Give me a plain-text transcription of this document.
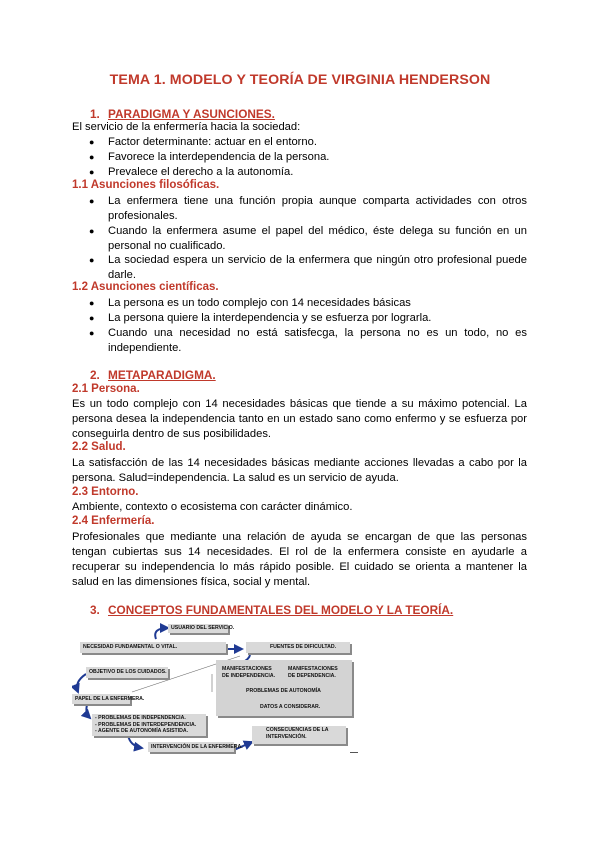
TEMA 1. MODELO Y TEORÍA DE VIRGINIA HENDERSON
1. PARADIGMA Y ASUNCIONES.
El servicio de la enfermería hacia la sociedad:
● Factor determinante: actuar en el entorno.
● Favorece la interdependencia de la persona.
● Prevalece el derecho a la autonomía.
1.1 Asunciones filosóficas.
● La enfermera tiene una función propia aunque comparta actividades con otros profesionales.
● Cuando la enfermera asume el papel del médico, éste delega su función en un personal no cualificado.
● La sociedad espera un servicio de la enfermera que ningún otro profesional puede darle.
1.2 Asunciones científicas.
● La persona es un todo complejo con 14 necesidades básicas
● La persona quiere la interdependencia y se esfuerza por lograrla.
● Cuando una necesidad no está satisfecga, la persona no es un todo, no es independiente.
2. METAPARADIGMA.
2.1 Persona.
Es un todo complejo con 14 necesidades básicas que tiende a su máximo potencial. La persona desea la independencia tanto en un estado sano como enfermo y se esfuerza por conseguirla dentro de sus posibilidades.
2.2 Salud.
La satisfacción de las 14 necesidades básicas mediante acciones llevadas a cabo por la persona. Salud=independencia. La salud es un servicio de ayuda.
2.3 Entorno.
Ambiente, contexto o ecosistema con carácter dinámico.
2.4 Enfermería.
Profesionales que mediante una relación de ayuda se encargan de que las personas tengan cubiertas sus 14 necesidades. El rol de la enfermera consiste en ayudarle a recuperar su independencia lo más rápido posible. El cuidado se orienta a mantener la salud en las dimensiones física, social y mental.
3. CONCEPTOS FUNDAMENTALES DEL MODELO Y LA TEORÍA.
USUARIO DEL SERVICIO.
NECESIDAD FUNDAMENTAL O VITAL.	FUENTES DE DIFICULTAD.
OBJETIVO DE LOS CUIDADOS.	MANIFESTACIONES DE INDEPENDENCIA.
MANIFESTACIONES DE DEPENDENCIA.
PROBLEMAS DE AUTONOMÍA
DATOS A CONSIDERAR.
PAPEL DE LA ENFERMERA.
- PROBLEMAS DE INDEPENDENCIA.
- PROBLEMAS DE INTERDEPENDENCIA.
- AGENTE DE AUTONOMÍA ASISTIDA.
INTERVENCIÓN DE LA ENFERMERA.
CONSECUENCIAS DE LA INTERVENCIÓN.
